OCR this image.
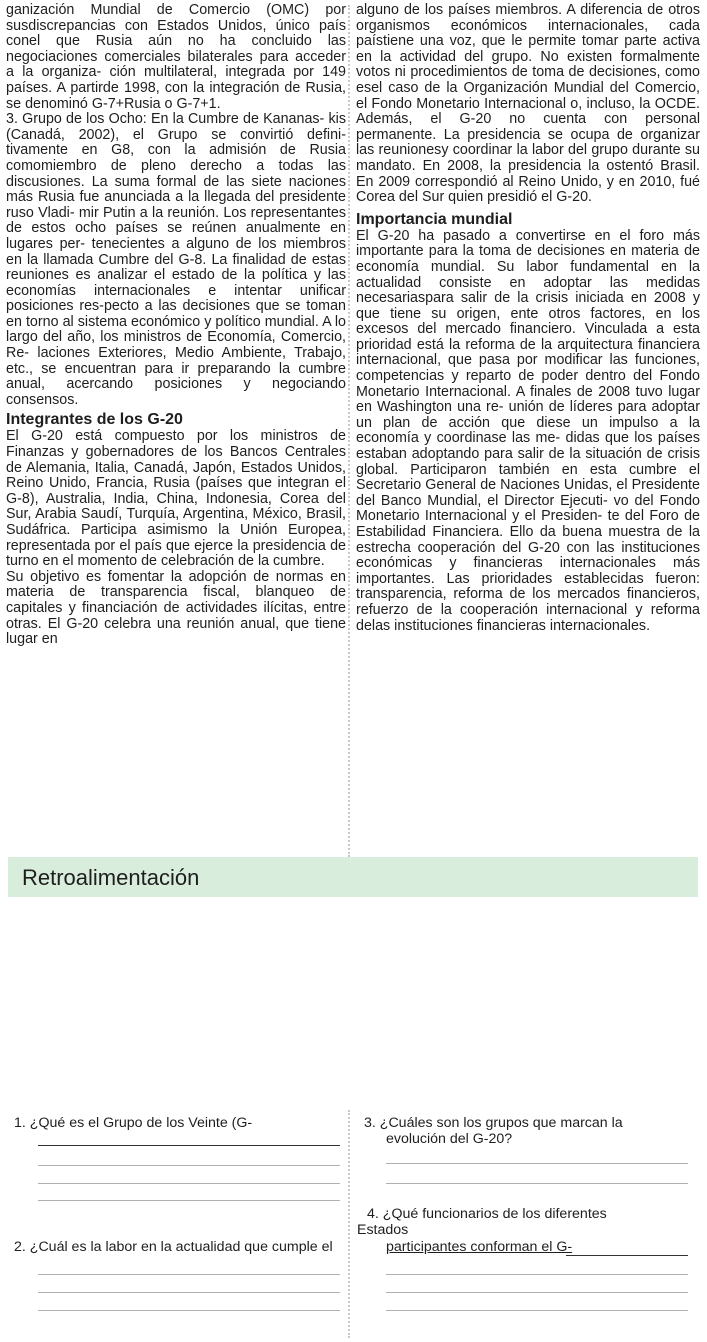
ganización Mundial de Comercio (OMC) por susdiscrepancias con Estados Unidos, único país conel que Rusia aún no ha concluido las negociaciones comerciales bilaterales para acceder a la organiza- ción multilateral, integrada por 149 países. A partirde 1998, con la integración de Rusia, se denominó G-7+Rusia o G-7+1.

3. Grupo de los Ocho: En la Cumbre de Kananas- kis (Canadá, 2002), el Grupo se convirtió defini- tivamente en G8, con la admisión de Rusia comomiembro de pleno derecho a todas las discusiones. La suma formal de las siete naciones más Rusia fue anunciada a la llegada del presidente ruso Vladi- mir Putin a la reunión. Los representantes de estos ocho países se reúnen anualmente en lugares per- tenecientes a alguno de los miembros en la llamada Cumbre del G-8. La finalidad de estas reuniones es analizar el estado de la política y las economías internacionales e intentar unificar posiciones res-pecto a las decisiones que se toman en torno al sistema económico y político mundial. A lo largo del año, los ministros de Economía, Comercio, Re- laciones Exteriores, Medio Ambiente, Trabajo, etc., se encuentran para ir preparando la cumbre anual, acercando posiciones y negociando consensos.

Integrantes de los G-20

El G-20 está compuesto por los ministros de Finanzas y gobernadores de los Bancos Centrales de Alemania, Italia, Canadá, Japón, Estados Unidos, Reino Unido, Francia, Rusia (países que integran el G-8), Australia, India, China, Indonesia, Corea del Sur, Arabia Saudí, Turquía, Argentina, México, Brasil, Sudáfrica. Participa asimismo la Unión Europea, representada por el país que ejerce la presidencia de turno en el momento de celebración de la cumbre.

Su objetivo es fomentar la adopción de normas en materia de transparencia fiscal, blanqueo de capitales y financiación de actividades ilícitas, entre otras. El G-20 celebra una reunión anual, que tiene lugar en

alguno de los países miembros. A diferencia de otros organismos económicos internacionales, cada paístiene una voz, que le permite tomar parte activa en la actividad del grupo. No existen formalmente votos ni procedimientos de toma de decisiones, como esel caso de la Organización Mundial del Comercio, el Fondo Monetario Internacional o, incluso, la OCDE. Además, el G-20 no cuenta con personal permanente. La presidencia se ocupa de organizar las reunionesy coordinar la labor del grupo durante su mandato. En 2008, la presidencia la ostentó Brasil. En 2009 correspondió al Reino Unido, y en 2010, fué Corea del Sur quien presidió el G-20.

Importancia mundial

El G-20 ha pasado a convertirse en el foro más importante para la toma de decisiones en materia de economía mundial. Su labor fundamental en la actualidad consiste en adoptar las medidas necesariaspara salir de la crisis iniciada en 2008 y que tiene su origen, ente otros factores, en los excesos del mercado financiero. Vinculada a esta prioridad está la reforma de la arquitectura financiera internacional, que pasa por modificar las funciones, competencias y reparto de poder dentro del Fondo Monetario Internacional. A finales de 2008 tuvo lugar en Washington una re- unión de líderes para adoptar un plan de acción que diese un impulso a la economía y coordinase las me- didas que los países estaban adoptando para salir de la situación de crisis global. Participaron también en esta cumbre el Secretario General de Naciones Unidas, el Presidente del Banco Mundial, el Director Ejecuti- vo del Fondo Monetario Internacional y el Presiden- te del Foro de Estabilidad Financiera. Ello da buena muestra de la estrecha cooperación del G-20 con las instituciones económicas y financieras internacionales más importantes. Las prioridades establecidas fueron: transparencia, reforma de los mercados financieros, refuerzo de la cooperación internacional y reforma delas instituciones financieras internacionales.

Retroalimentación
1. ¿Qué es el Grupo de los Veinte (G-	3. ¿Cuáles son los grupos que marcan la
evolución del G-20?
4. ¿Qué funcionarios de los diferentes
Estados
2. ¿Cuál es la labor en la actualidad que cumple el	participantes conforman el G-
